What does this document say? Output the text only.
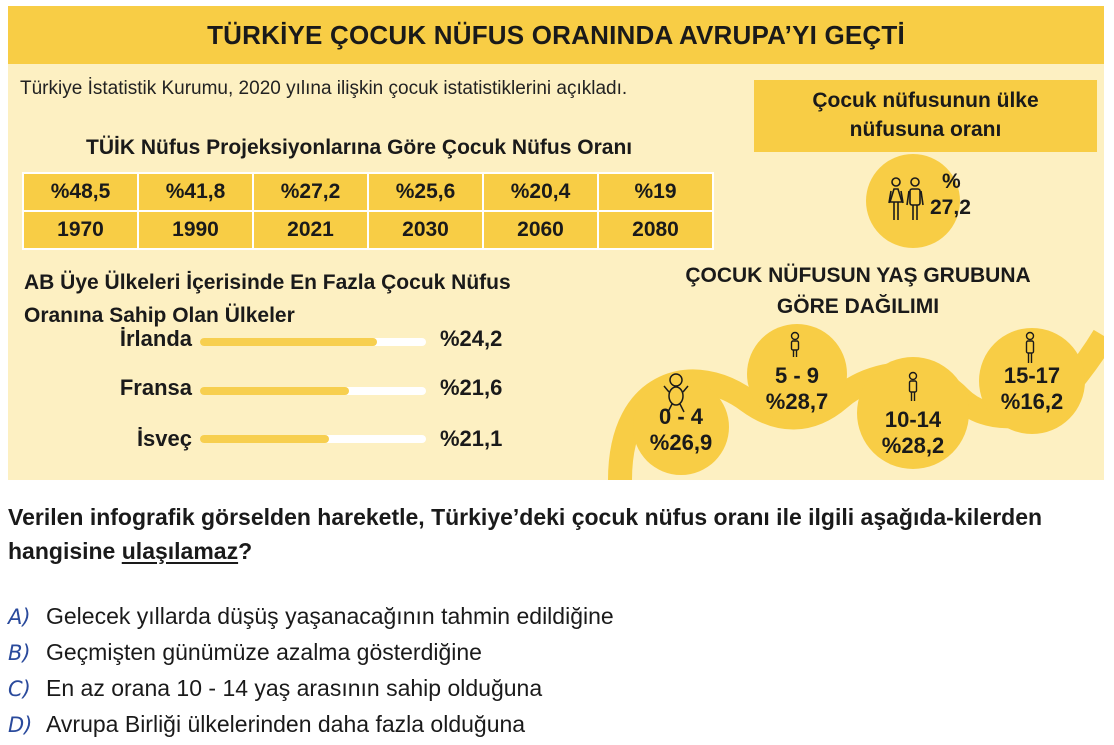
TÜRKİYE ÇOCUK NÜFUS ORANINDA AVRUPA’YI GEÇTİ
Türkiye İstatistik Kurumu, 2020 yılına ilişkin çocuk istatistiklerini açıkladı.
TÜİK Nüfus Projeksiyonlarına Göre Çocuk Nüfus Oranı
%48,5	%41,8	%27,2	%25,6	%20,4	%19
1970	1990	2021	2030	2060	2080
AB Üye Ülkeleri İçerisinde En Fazla Çocuk Nüfus
Oranına Sahip Olan Ülkeler
İrlanda	%24,2
Fransa	%21,6
İsveç	%21,1
Çocuk nüfusunun ülke
nüfusuna oranı
%
27,2
ÇOCUK NÜFUSUN YAŞ GRUBUNA
GÖRE DAĞILIMI
0 - 4
%26,9
5 - 9
%28,7
10-14
%28,2
15-17
%16,2
Verilen infografik görselden hareketle, Türkiye’deki çocuk nüfus oranı ile ilgili aşağıda-kilerden hangisine ulaşılamaz?
A) Gelecek yıllarda düşüş yaşanacağının tahmin edildiğine
B) Geçmişten günümüze azalma gösterdiğine
C) En az orana 10 - 14 yaş arasının sahip olduğuna
D) Avrupa Birliği ülkelerinden daha fazla olduğuna
